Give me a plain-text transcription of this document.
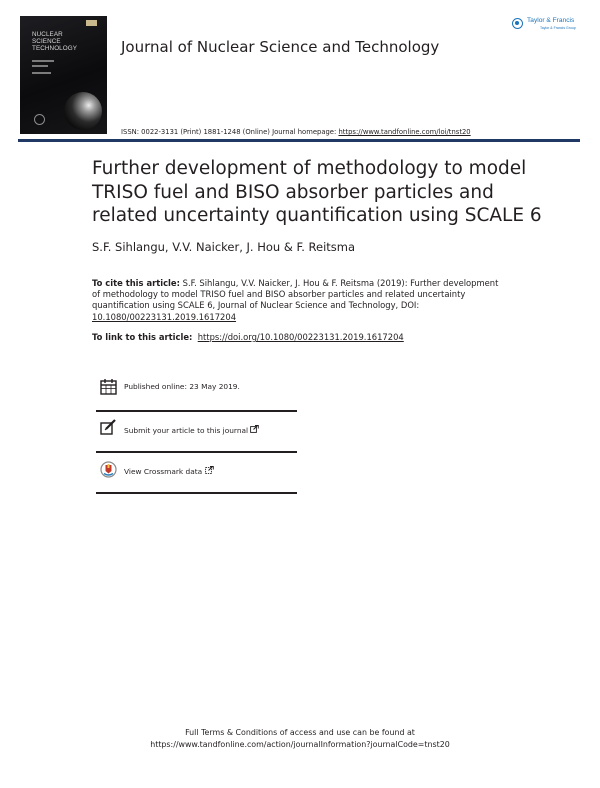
NUCLEAR
SCIENCE
TECHNOLOGY	Journal of Nuclear Science and Technology
Taylor & Francis
Taylor & Francis Group
ISSN: 0022-3131 (Print) 1881-1248 (Online) Journal homepage: https://www.tandfonline.com/loi/tnst20
Further development of methodology to model TRISO fuel and BISO absorber particles and related uncertainty quantification using SCALE 6
S.F. Sihlangu, V.V. Naicker, J. Hou & F. Reitsma
To cite this article: S.F. Sihlangu, V.V. Naicker, J. Hou & F. Reitsma (2019): Further development of methodology to model TRISO fuel and BISO absorber particles and related uncertainty quantification using SCALE 6, Journal of Nuclear Science and Technology, DOI: 10.1080/00223131.2019.1617204
To link to this article: https://doi.org/10.1080/00223131.2019.1617204
Published online: 23 May 2019.
Submit your article to this journal
View Crossmark data
Full Terms & Conditions of access and use can be found at
https://www.tandfonline.com/action/journalInformation?journalCode=tnst20
